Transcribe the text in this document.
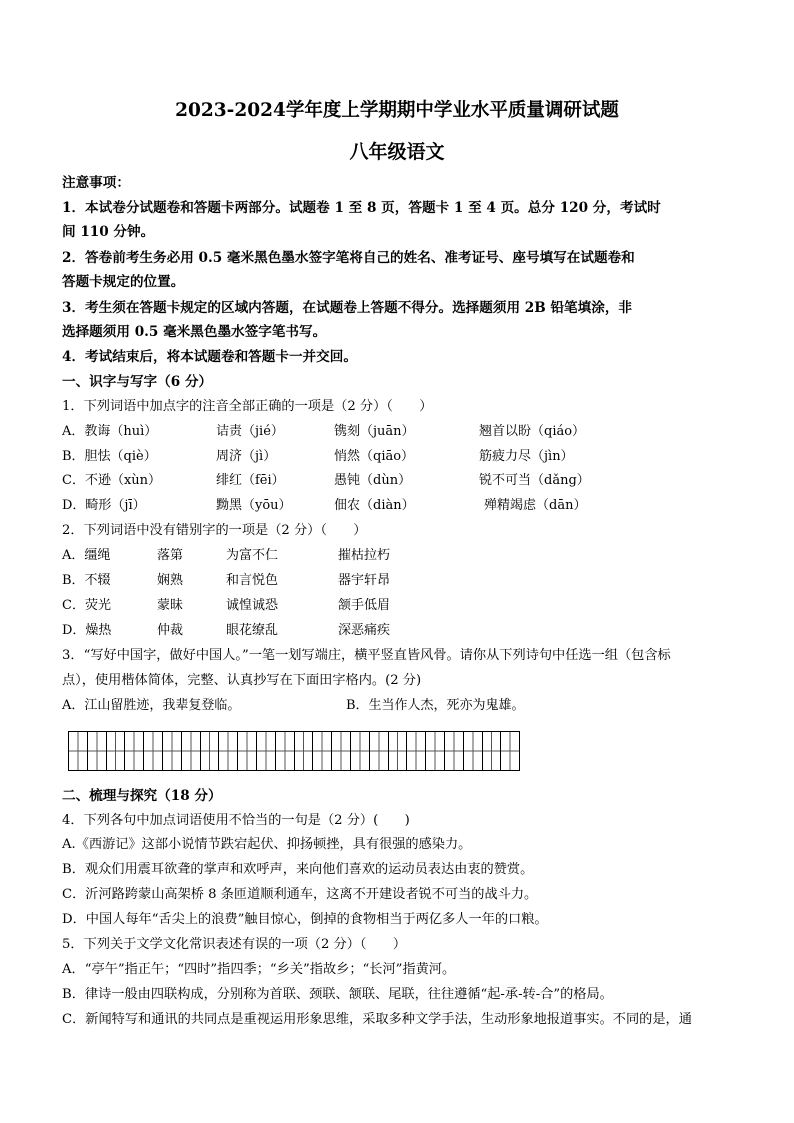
2023-2024学年度上学期期中学业水平质量调研试题
八年级语文
注意事项：
1．本试卷分试题卷和答题卡两部分。试题卷 1 至 8 页，答题卡 1 至 4 页。总分 120 分，考试时
间 110 分钟。
2．答卷前考生务必用 0.5 毫米黑色墨水签字笔将自己的姓名、准考证号、座号填写在试题卷和
答题卡规定的位置。
3．考生须在答题卡规定的区域内答题，在试题卷上答题不得分。选择题须用 2B 铅笔填涂，非
选择题须用 0.5 毫米黑色墨水签字笔书写。
4．考试结束后，将本试题卷和答题卡一并交回。
一、识字与写字（6 分）
1．下列词语中加点字的注音全部正确的一项是（2 分）（　　）
A．教诲（huì）	诘责（jié）	镌刻（juān）	翘首以盼（qiáo）
B．胆怯（qiè）	周济（jì）	悄然（qiāo）	筋疲力尽（jìn）
C．不逊（xùn）	绯红（fēi）	愚钝（dùn）	锐不可当（dǎng）
D．畸形（jī）	黝黑（yōu）	佃农（diàn）	殚精竭虑（dān）
2．下列词语中没有错别字的一项是（2 分）（　　）
A．缰绳	落第	为富不仁	摧枯拉朽
B．不辍	娴熟	和言悦色	器宇轩昂
C．荧光	蒙昧	诚惶诚恐	颔手低眉
D．燥热	仲裁	眼花缭乱	深恶痛疾
3．“写好中国字，做好中国人。”一笔一划写端庄，横平竖直皆风骨。请你从下列诗句中任选一组（包含标
点），使用楷体简体，完整、认真抄写在下面田字格内。(2 分)
A．江山留胜迹，我辈复登临。	B．生当作人杰，死亦为鬼雄。
二、梳理与探究（18 分）
4．下列各句中加点词语使用不恰当的一句是（2 分）(　　)
A.《西游记》这部小说情节跌宕起伏、抑扬顿挫，具有很强的感染力。
B．观众们用震耳欲聋的掌声和欢呼声，来向他们喜欢的运动员表达由衷的赞赏。
C．沂河路跨蒙山高架桥 8 条匝道顺利通车，这离不开建设者锐不可当的战斗力。
D．中国人每年“舌尖上的浪费”触目惊心，倒掉的食物相当于两亿多人一年的口粮。
5．下列关于文学文化常识表述有误的一项（2 分）（　　）
A．“亭午”指正午；“四时”指四季；“乡关”指故乡；“长河”指黄河。
B．律诗一般由四联构成，分别称为首联、颈联、颔联、尾联，往往遵循“起-承-转-合”的格局。
C．新闻特写和通讯的共同点是重视运用形象思维，采取多种文学手法，生动形象地报道事实。不同的是，通
